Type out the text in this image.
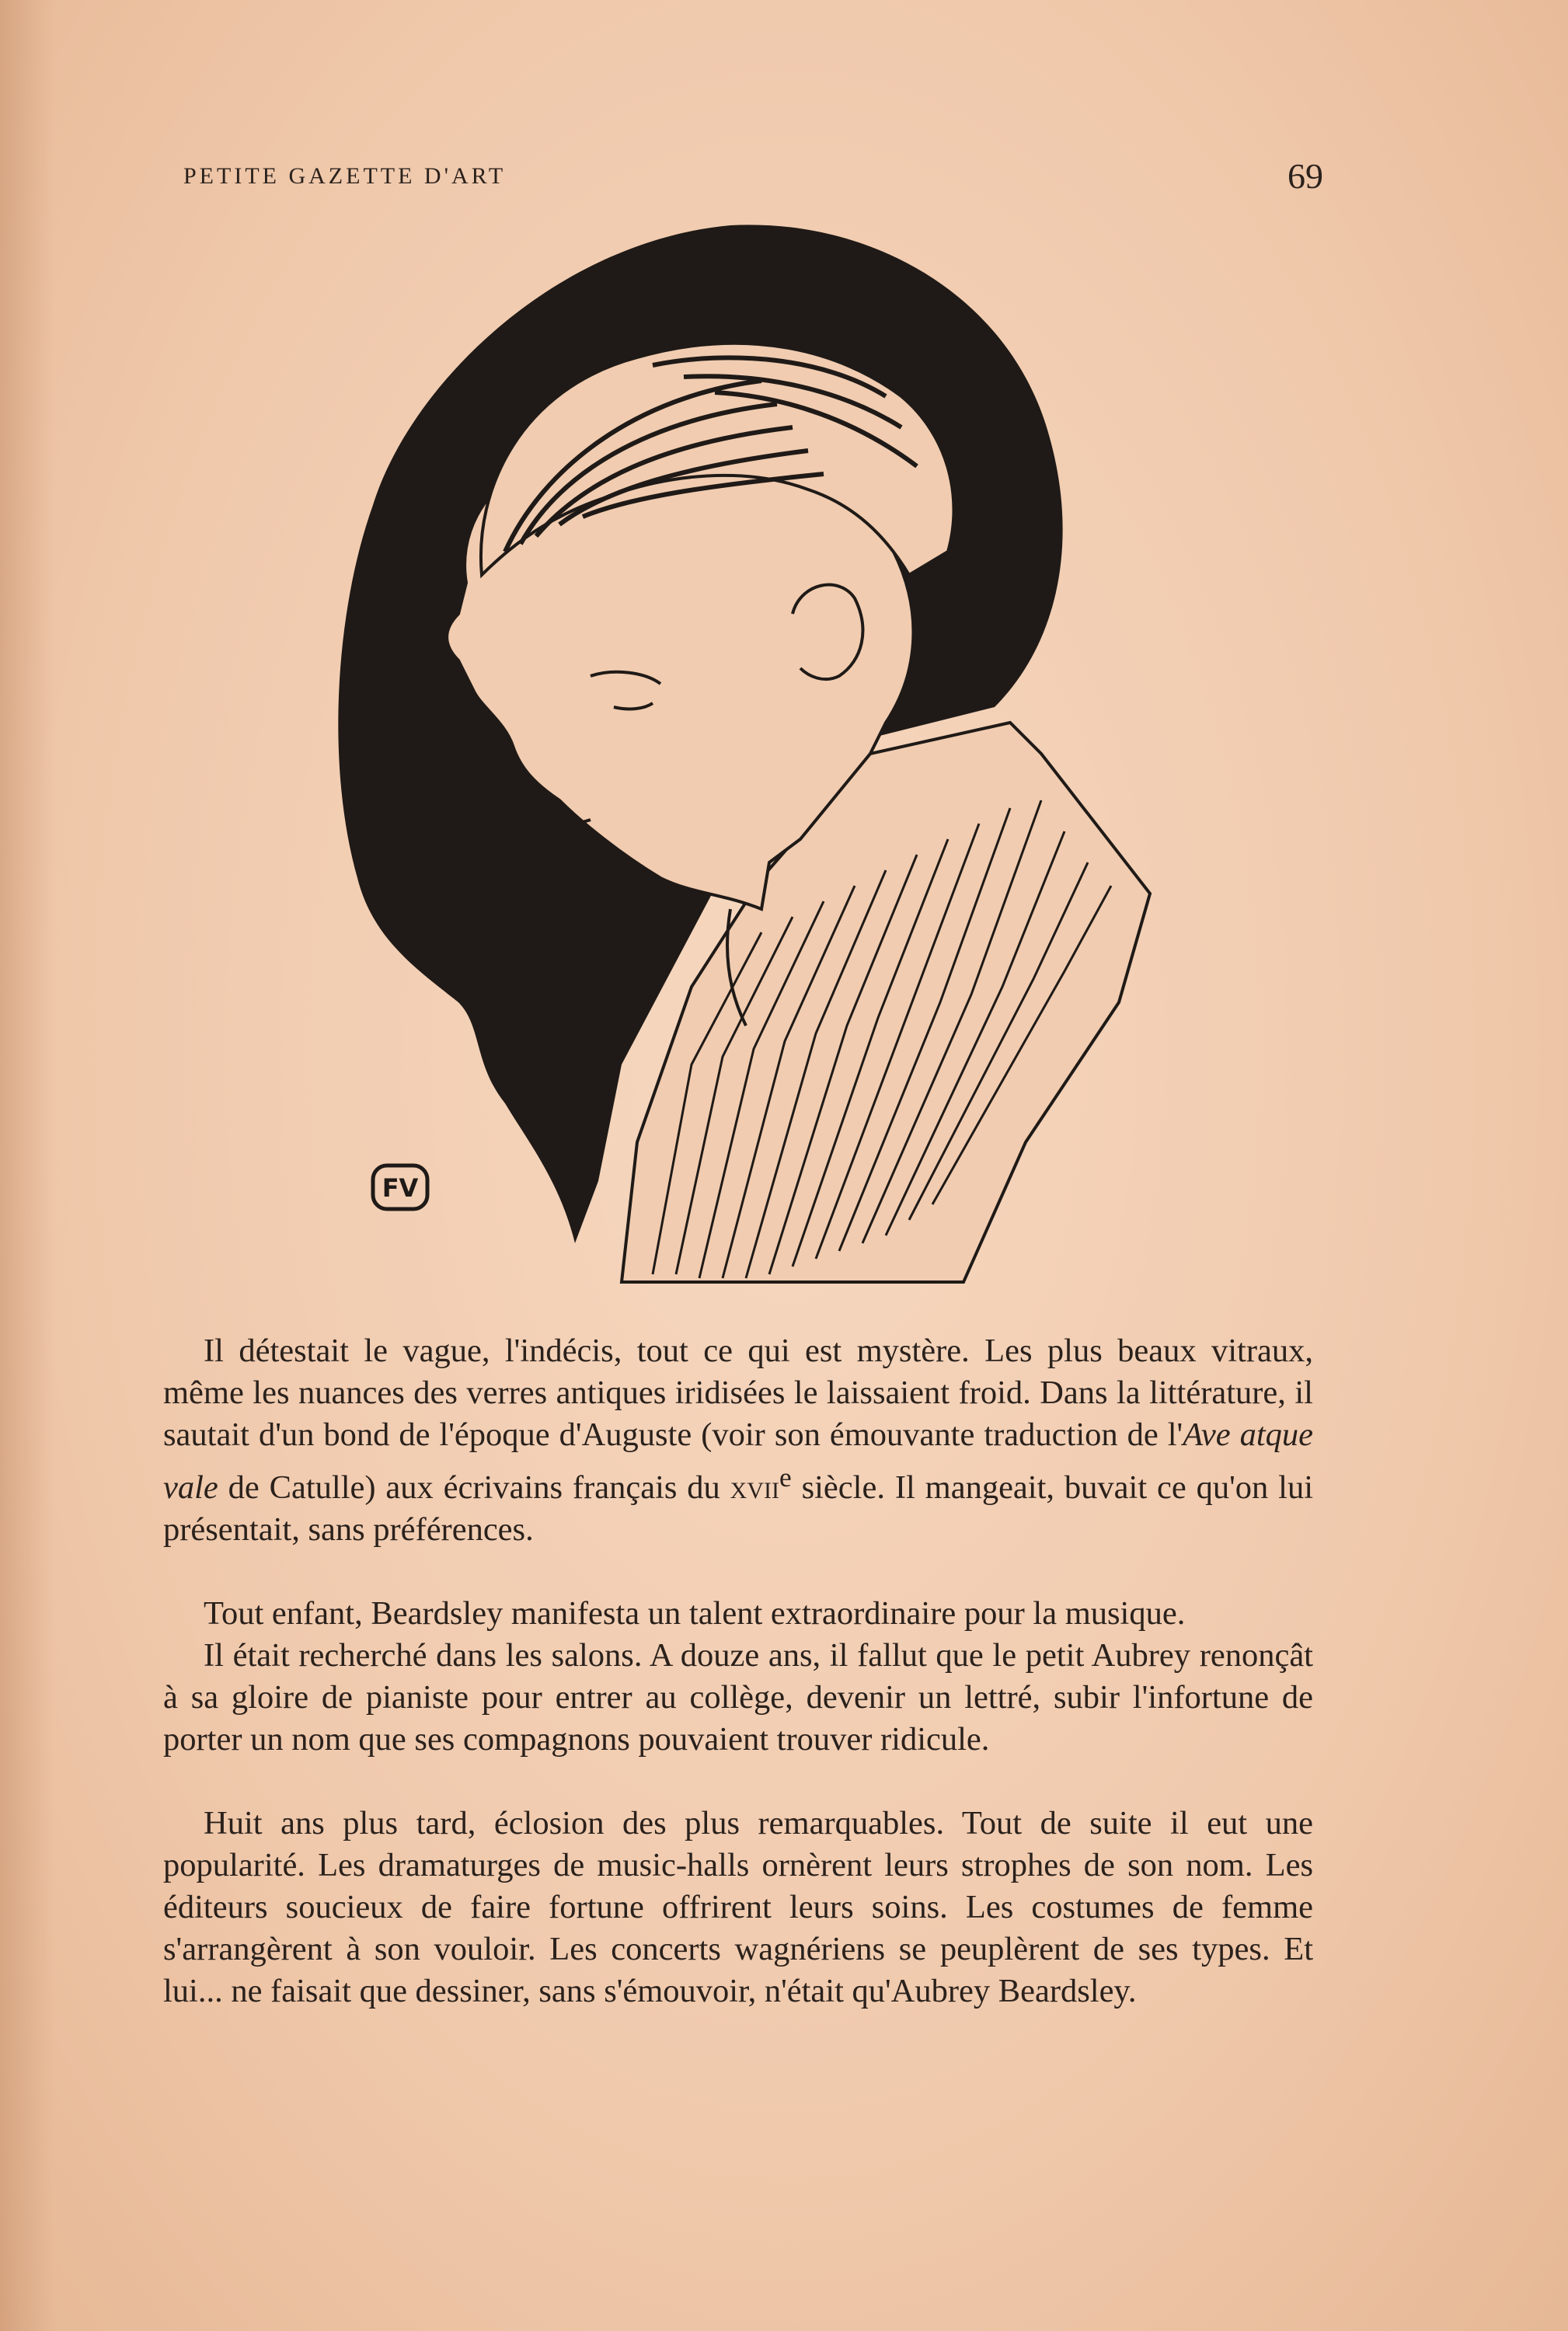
PETITE GAZETTE D'ART	69
FV

Il détestait le vague, l'indécis, tout ce qui est mystère. Les plus beaux vitraux, même les nuances des verres antiques iridisées le laissaient froid. Dans la littérature, il sautait d'un bond de l'époque d'Auguste (voir son émouvante traduction de l'Ave atque vale de Catulle) aux écrivains français du xvii$^e$ siècle. Il mangeait, buvait ce qu'on lui présentait, sans préférences.

Tout enfant, Beardsley manifesta un talent extraordinaire pour la musique.

Il était recherché dans les salons. A douze ans, il fallut que le petit Aubrey renonçât à sa gloire de pianiste pour entrer au collège, devenir un lettré, subir l'infortune de porter un nom que ses compagnons pouvaient trouver ridicule.

Huit ans plus tard, éclosion des plus remarquables. Tout de suite il eut une popularité. Les dramaturges de music-halls ornèrent leurs strophes de son nom. Les éditeurs soucieux de faire fortune offrirent leurs soins. Les costumes de femme s'arrangèrent à son vouloir. Les concerts wagnériens se peuplèrent de ses types. Et lui... ne faisait que dessiner, sans s'émouvoir, n'était qu'Aubrey Beardsley.
